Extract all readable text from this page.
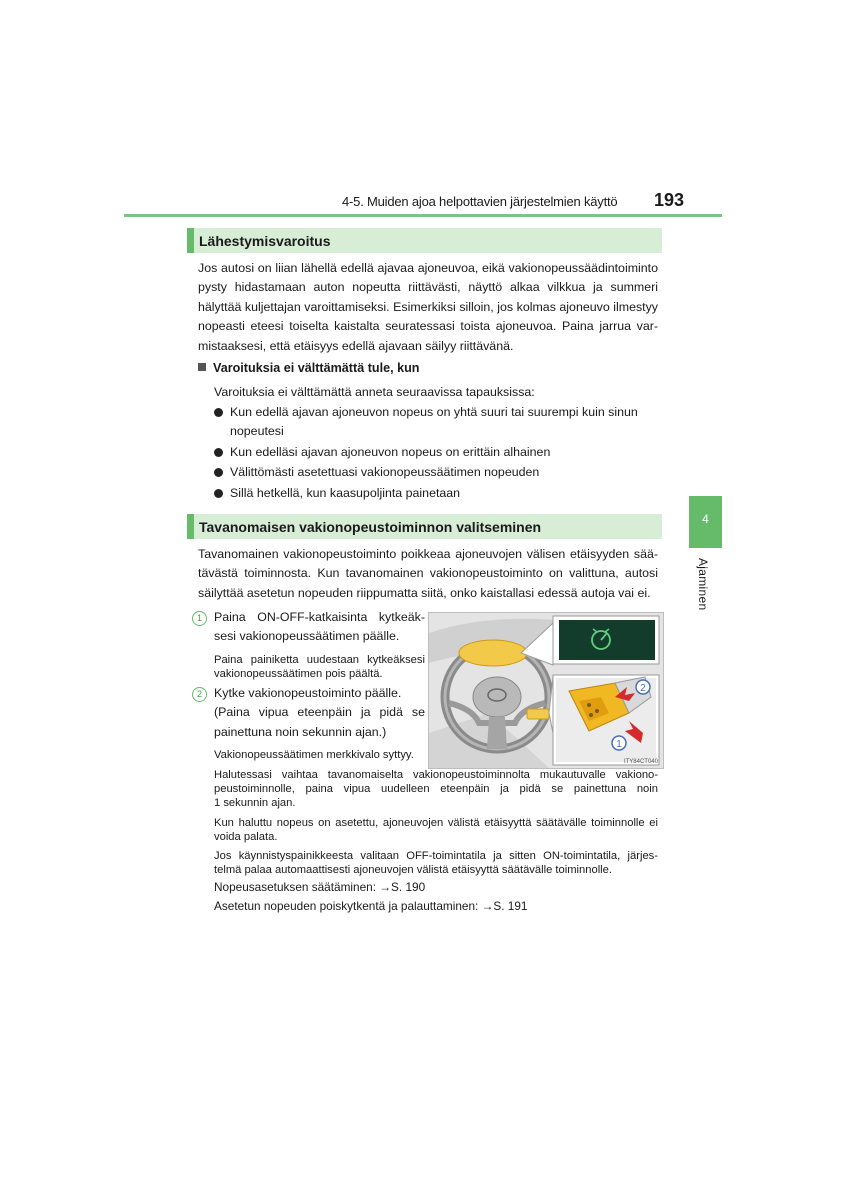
4-5. Muiden ajoa helpottavien järjestelmien käyttö 193
4
Ajaminen
Lähestymisvaroitus
Jos autosi on liian lähellä edellä ajavaa ajoneuvoa, eikä vakionopeussäädintoiminto
pysty hidastamaan auton nopeutta riittävästi, näyttö alkaa vilkkua ja summeri
hälyttää kuljettajan varoittamiseksi. Esimerkiksi silloin, jos kolmas ajoneuvo ilmestyy
nopeasti eteesi toiselta kaistalta seuratessasi toista ajoneuvoa. Paina jarrua var-
mistaaksesi, että etäisyys edellä ajavaan säilyy riittävänä.
Varoituksia ei välttämättä tule, kun
Varoituksia ei välttämättä anneta seuraavissa tapauksissa:
Kun edellä ajavan ajoneuvon nopeus on yhtä suuri tai suurempi kuin sinun
nopeutesi
Kun edelläsi ajavan ajoneuvon nopeus on erittäin alhainen
Välittömästi asetettuasi vakionopeussäätimen nopeuden
Sillä hetkellä, kun kaasupoljinta painetaan
Tavanomaisen vakionopeustoiminnon valitseminen
Tavanomainen vakionopeustoiminto poikkeaa ajoneuvojen välisen etäisyyden sää-
tävästä toiminnosta. Kun tavanomainen vakionopeustoiminto on valittuna, autosi
säilyttää asetetun nopeuden riippumatta siitä, onko kaistallasi edessä autoja vai ei.
1 Paina ON-OFF-katkaisinta kytkeäk-
sesi vakionopeussäätimen päälle.
Paina painiketta uudestaan kytkeäksesi
vakionopeussäätimen pois päältä.
2 Kytke vakionopeustoiminto päälle.
(Paina vipua eteenpäin ja pidä se
painettuna noin sekunnin ajan.)
Vakionopeussäätimen merkkivalo syttyy.
2
1
ITY84CT040
Halutessasi vaihtaa tavanomaiselta vakionopeustoiminnolta mukautuvalle vakiono-
peustoiminnolle, paina vipua uudelleen eteenpäin ja pidä se painettuna noin
1 sekunnin ajan.
Kun haluttu nopeus on asetettu, ajoneuvojen välistä etäisyyttä säätävälle toiminnolle ei
voida palata.
Jos käynnistyspainikkeesta valitaan OFF-toimintatila ja sitten ON-toimintatila, järjes-
telmä palaa automaattisesti ajoneuvojen välistä etäisyyttä säätävälle toiminnolle.
Nopeusasetuksen säätäminen: →S. 190
Asetetun nopeuden poiskytkentä ja palauttaminen: →S. 191
